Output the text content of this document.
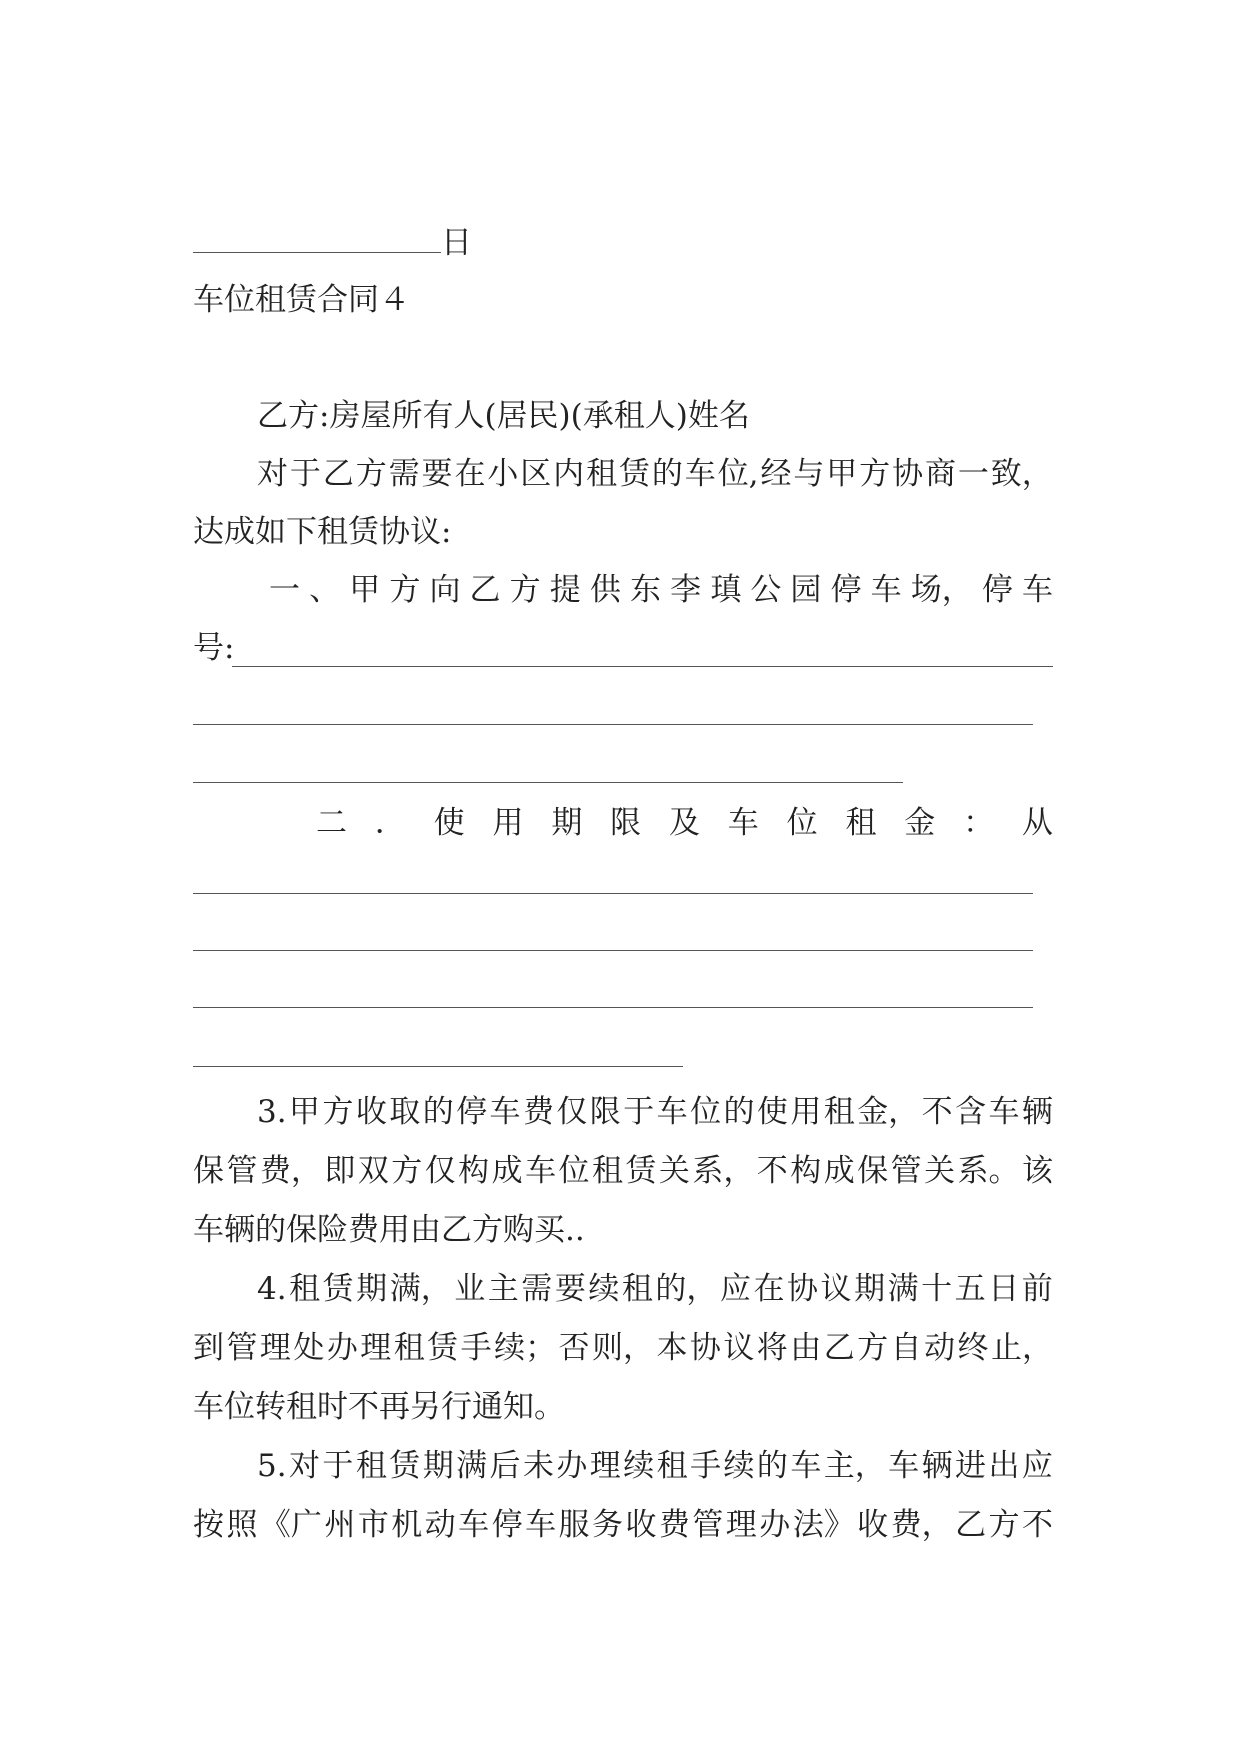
日
车位租赁合同４

乙方:房屋所有人(居民)(承租人)姓名
对 于 乙 方 需 要 在 小 区 内 租 赁 的 车 位, 经 与 甲 方 协 商 一 致，
达成如下租赁协议:
一 、 甲 方 向 乙 方 提 供 东 李 瑱 公 园 停 车 场， 停 车
号:
二 ． 使 用 期 限 及 车 位 租 金 ： 从
3. 甲 方 收 取 的 停 车 费 仅 限 于 车 位 的 使 用 租 金， 不 含 车 辆
保 管 费， 即 双 方 仅 构 成 车 位 租 赁 关 系， 不 构 成 保 管 关 系。 该
车辆的保险费用由乙方购买..
4. 租 赁 期 满， 业 主 需 要 续 租 的， 应 在 协 议 期 满 十 五 日 前
到 管 理 处 办 理 租 赁 手 续； 否 则， 本 协 议 将 由 乙 方 自 动 终 止，
车位转租时不再另行通知。
5. 对 于 租 赁 期 满 后 未 办 理 续 租 手 续 的 车 主， 车 辆 进 出 应
按 照 《广 州 市 机 动 车 停 车 服 务 收 费 管 理 办 法》 收 费， 乙 方 不
